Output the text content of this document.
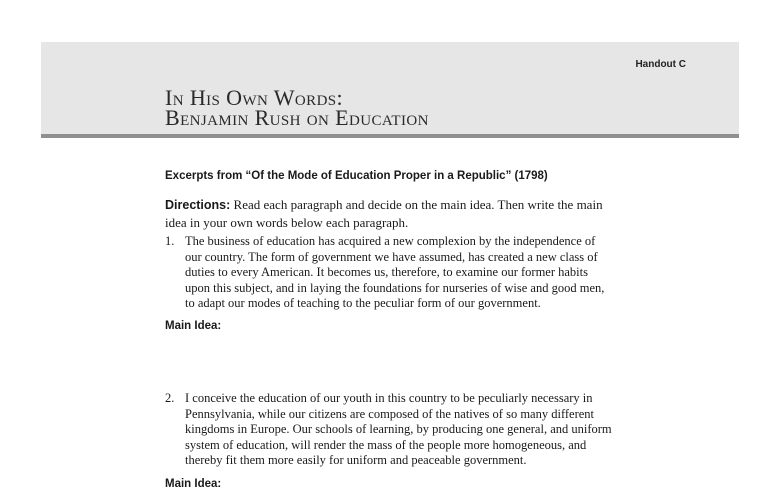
Handout C
In His Own Words:
Benjamin Rush on Education
Excerpts from “Of the Mode of Education Proper in a Republic” (1798)
Directions: Read each paragraph and decide on the main idea. Then write the main idea in your own words below each paragraph.
1. The business of education has acquired a new complexion by the independence of our country. The form of government we have assumed, has created a new class of duties to every American. It becomes us, therefore, to examine our former habits upon this subject, and in laying the foundations for nurseries of wise and good men, to adapt our modes of teaching to the peculiar form of our government.
Main Idea:
2. I conceive the education of our youth in this country to be peculiarly necessary in Pennsylvania, while our citizens are composed of the natives of so many different kingdoms in Europe. Our schools of learning, by producing one general, and uniform system of education, will render the mass of the people more homogeneous, and thereby fit them more easily for uniform and peaceable government.
Main Idea:
